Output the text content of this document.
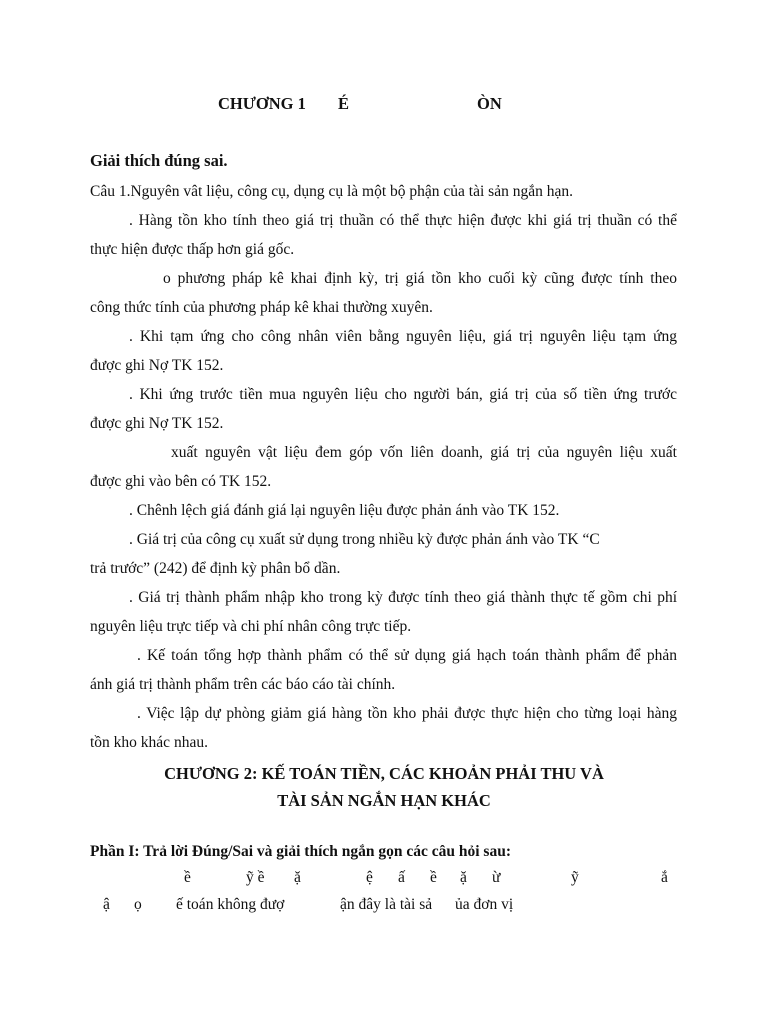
CHƯƠNG 1 É	ÒN
Giải thích đúng sai.
Câu 1.Nguyên vât liệu, công cụ, dụng cụ là một bộ phận của tài sản ngắn hạn.
. Hàng tồn kho tính theo giá trị thuần có thể thực hiện được khi giá trị thuần có thể
thực hiện được thấp hơn giá gốc.
o phương pháp kê khai định kỳ, trị giá tồn kho cuối kỳ cũng được tính theo
công thức tính của phương pháp kê khai thường xuyên.
. Khi tạm ứng cho công nhân viên bằng nguyên liệu, giá trị nguyên liệu tạm ứng
được ghi Nợ TK 152.
. Khi ứng trước tiền mua nguyên liệu cho người bán, giá trị của số tiền ứng trước
được ghi Nợ TK 152.
xuất nguyên vật liệu đem góp vốn liên doanh, giá trị của nguyên liệu xuất
được ghi vào bên có TK 152.
. Chênh lệch giá đánh giá lại nguyên liệu được phản ánh vào TK 152.
. Giá trị của công cụ xuất sử dụng trong nhiều kỳ được phản ánh vào TK “C
trả trước” (242) để định kỳ phân bổ dần.
. Giá trị thành phẩm nhập kho trong kỳ được tính theo giá thành thực tế gồm chi phí
nguyên liệu trực tiếp và chi phí nhân công trực tiếp.
. Kế toán tổng hợp thành phẩm có thể sử dụng giá hạch toán thành phẩm để phản
ánh giá trị thành phẩm trên các báo cáo tài chính.
. Việc lập dự phòng giảm giá hàng tồn kho phải được thực hiện cho từng loại hàng
tồn kho khác nhau.
CHƯƠNG 2: KẾ TOÁN TIỀN, CÁC KHOẢN PHẢI THU VÀ
TÀI SẢN NGẮN HẠN KHÁC
Phần I: Trả lời Đúng/Sai và giải thích ngắn gọn các câu hỏi sau:
ề	ỹ ề ặ	ệ ấ ề ặ ừ	ỹ	ắ
ậ ọ ế toán không đượ	ận đây là tài sả ủa đơn vị
